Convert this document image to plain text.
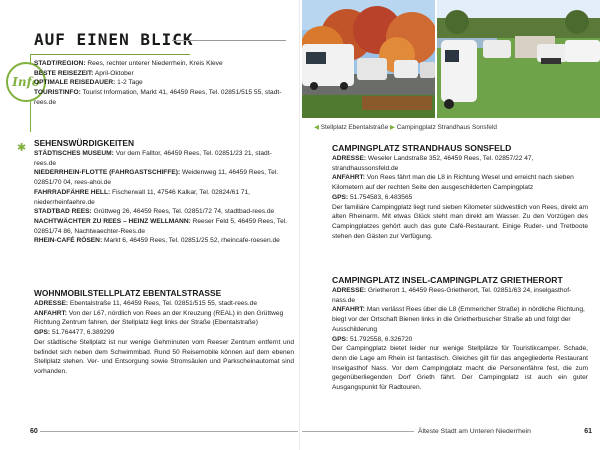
AUF EINEN BLICK
Info

STADT/REGION: Rees, rechter unterer Niederrhein, Kreis Kleve

BESTE REISEZEIT: April-Oktober

OPTIMALE REISEDAUER: 1-2 Tage

TOURISTINFO: Tourist Information, Markt 41, 46459 Rees, Tel. 02851/515 55, stadt-rees.de

✱ SEHENSWÜRDIGKEITEN

STÄDTISCHES MUSEUM: Vor dem Falltor, 46459 Rees, Tel. 02851/23 21, stadt-rees.de

NIEDERRHEIN-FLOTTE (FAHRGASTSCHIFFE): Weidenweg 11, 46459 Rees, Tel. 02851/70 04, rees-ahoi.de

FAHRRADFÄHRE HELL: Fischerwall 11, 47546 Kalkar, Tel. 02824/61 71, niederrheinfaehre.de

STADTBAD REES: Grüttweg 26, 46459 Rees, Tel. 02851/72 74, stadtbad-rees.de

NACHTWÄCHTER ZU REES – HEINZ WELLMANN: Reeser Feld 5, 46459 Rees, Tel. 02851/74 86, Nachtwaechter-Rees.de

RHEIN-CAFÉ RÖSEN: Markt 6, 46459 Rees, Tel. 02851/25 52, rheincafe-roesen.de

WOHNMOBILSTELLPLATZ EBENTALSTRASSE

ADRESSE: Ebentalstraße 11, 46459 Rees, Tel. 02851/515 55, stadt-rees.de

ANFAHRT: Von der L67, nördlich von Rees an der Kreuzung (REAL) in den Grüttweg Richtung Zentrum fahren, der Stellplatz liegt links der Straße (Ebentalstraße)

GPS: 51.764477, 6.389299

Der städtische Stellplatz ist nur wenige Gehminuten vom Reeser Zentrum entfernt und befindet sich neben dem Schwimmbad. Rund 50 Reisemobile können auf dem ebenen Stellplatz stehen. Ver- und Entsorgung sowie Stromsäulen und Parkscheinautomat sind vorhanden.

60
◀ Stellplatz Ebentalstraße ▶ Campingplatz Strandhaus Sonsfeld

CAMPINGPLATZ STRANDHAUS SONSFELD

ADRESSE: Weseler Landstraße 352, 46459 Rees, Tel. 02857/22 47, strandhaussonsfeld.de

ANFAHRT: Von Rees fährt man die L8 in Richtung Wesel und erreicht nach sieben Kilometern auf der rechten Seite den ausgeschilderten Campingplatz

GPS: 51.754583, 6.483565

Der familiäre Campingplatz liegt rund sieben Kilometer südwestlich von Rees, direkt am alten Rheinarm. Mit etwas Glück steht man direkt am Wasser. Zu den Vorzügen des Campingplatzes gehört auch das gute Café-Restaurant. Einige Ruder- und Tretboote stehen den Gästen zur Verfügung.

CAMPINGPLATZ INSEL-CAMPINGPLATZ GRIETHERORT

ADRESSE: Grietherort 1, 46459 Rees-Grietherort, Tel. 02851/63 24, inselgasthof-nass.de

ANFAHRT: Man verlässt Rees über die L8 (Emmericher Straße) in nördliche Richtung, biegt vor der Ortschaft Bienen links in die Grietherbuscher Straße ab und folgt der Ausschilderung

GPS: 51.792558, 6.326720

Der Campingplatz bietet leider nur wenige Stellplätze für Touristikcamper. Schade, denn die Lage am Rhein ist fantastisch. Gleiches gilt für das angegliederte Restaurant Inselgasthof Nass. Vor dem Campingplatz macht die Personenfähre fest, die zum gegenüberliegenden Dorf Grieth fährt. Der Campingplatz ist auch ein guter Ausgangspunkt für Radtouren.

Älteste Stadt am Unteren Niederrhein	61
